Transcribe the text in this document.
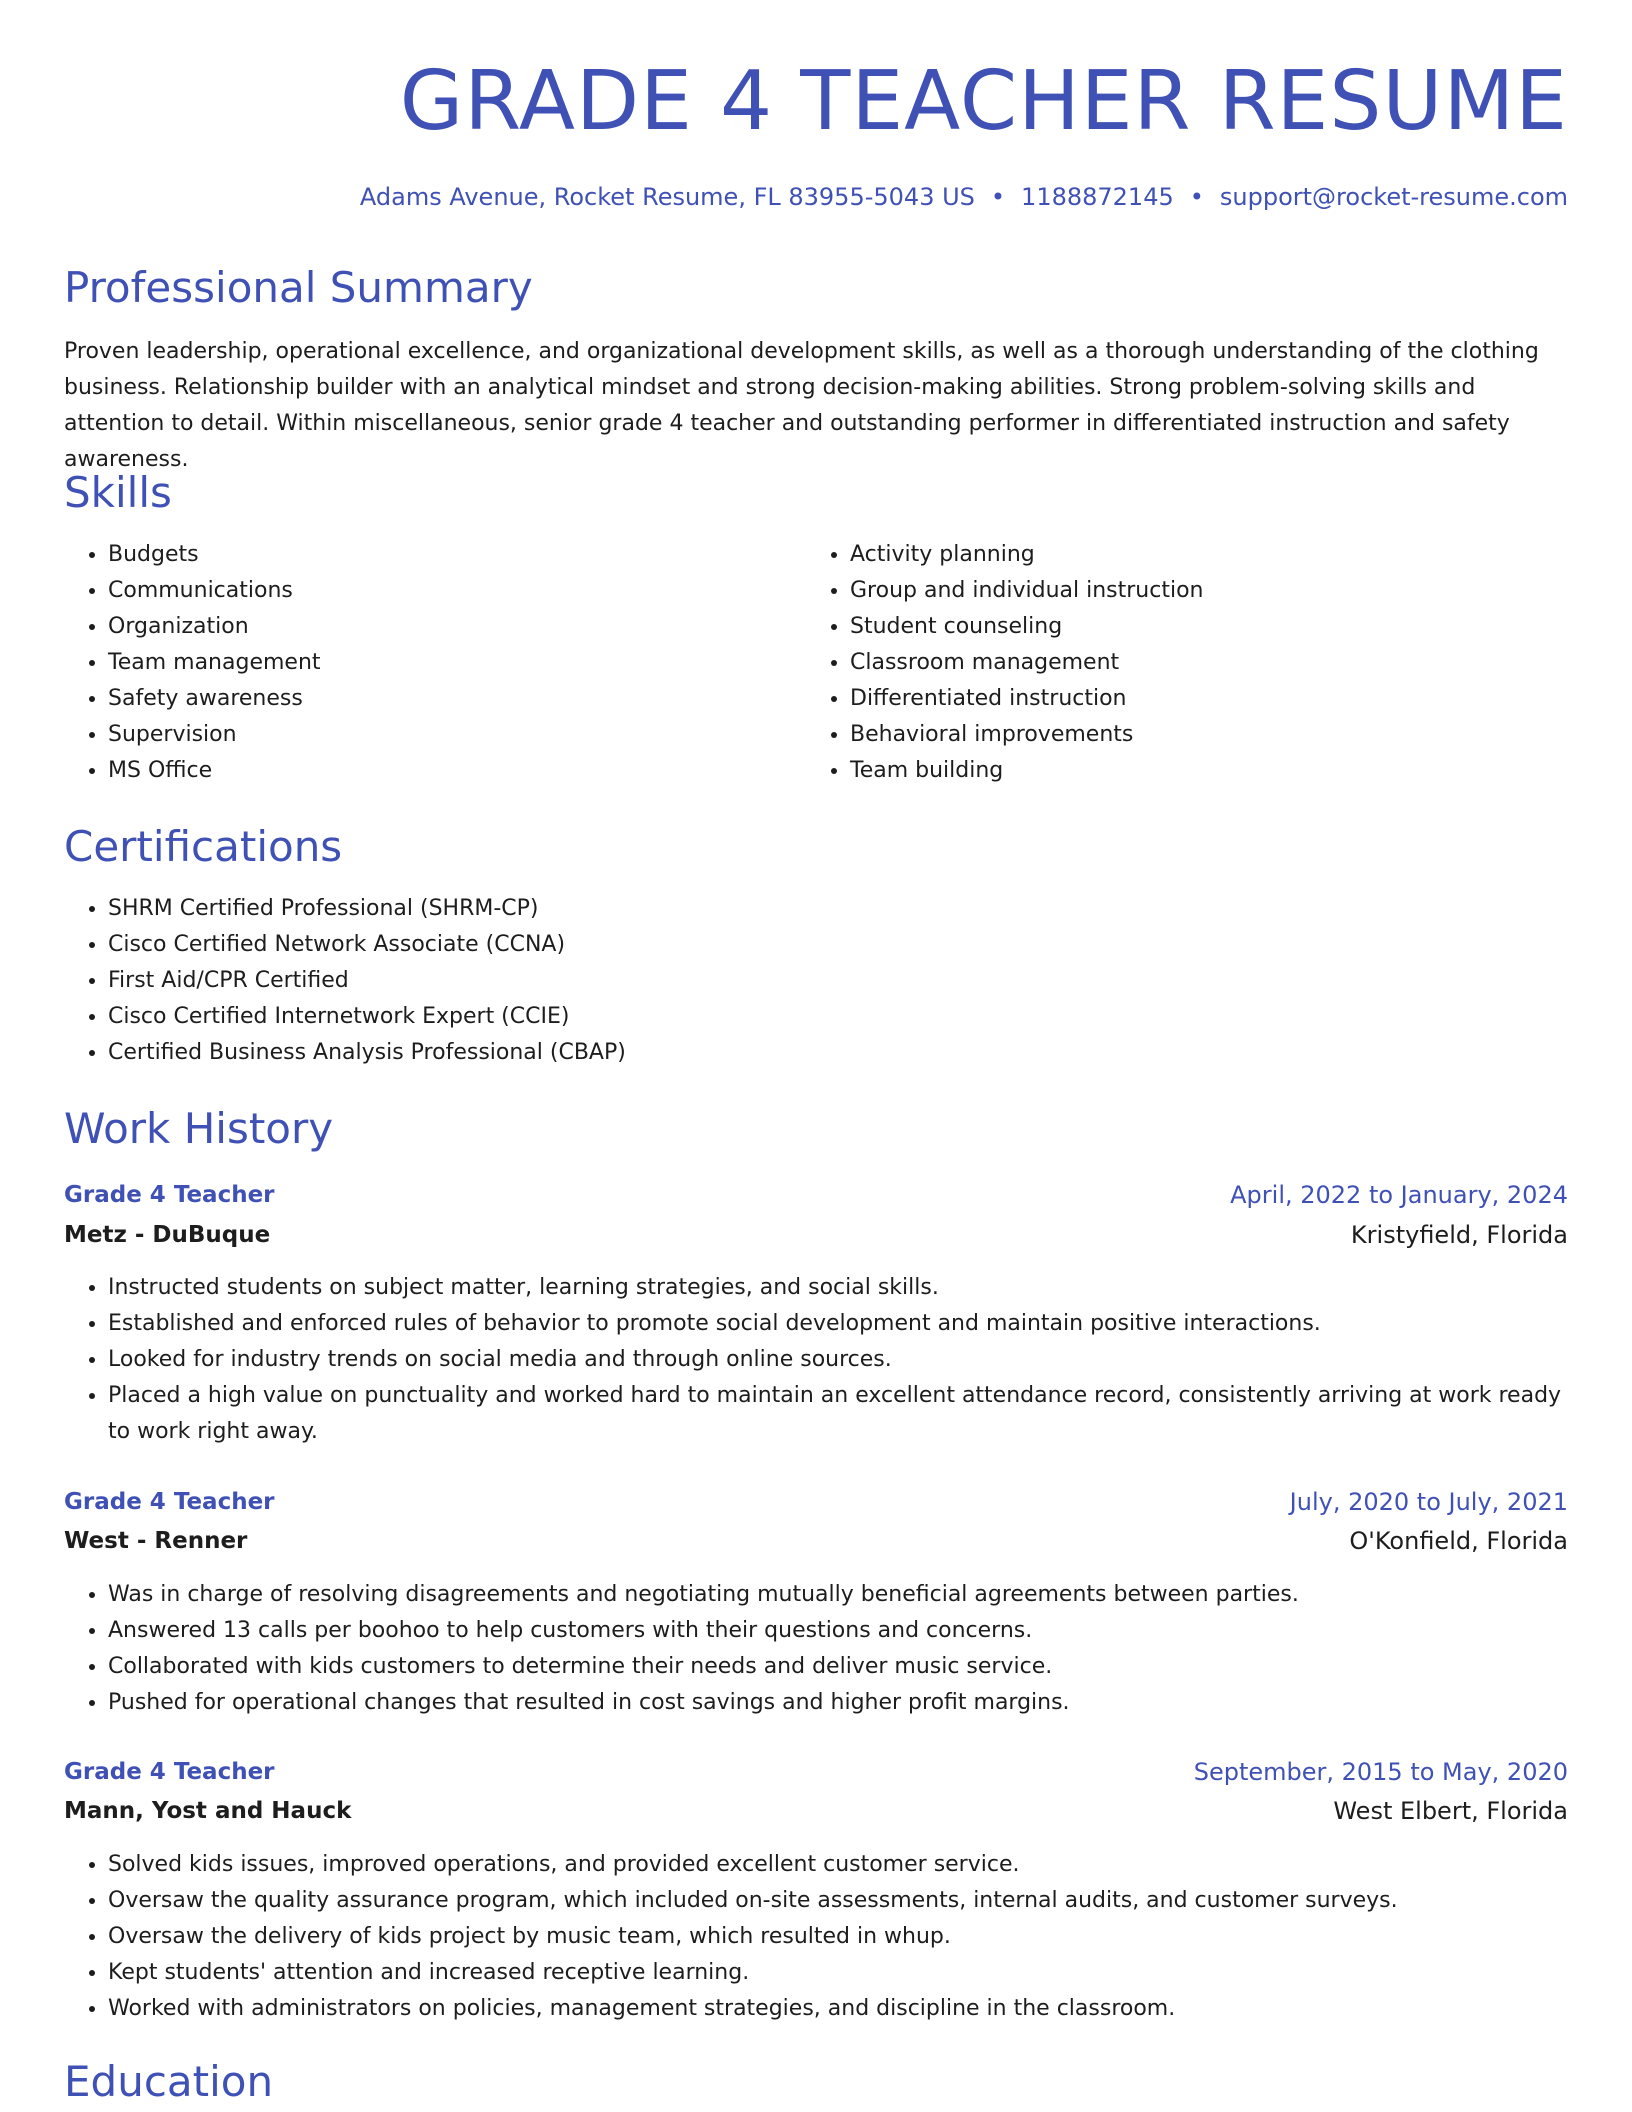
GRADE 4 TEACHER RESUME
Adams Avenue, Rocket Resume, FL 83955-5043 US • 1188872145 • support@rocket-resume.com
Professional Summary

Proven leadership, operational excellence, and organizational development skills, as well as a thorough understanding of the clothing business. Relationship builder with an analytical mindset and strong decision-making abilities. Strong problem-solving skills and attention to detail. Within miscellaneous, senior grade 4 teacher and outstanding performer in differentiated instruction and safety awareness.

Skills
• Budgets
• Communications
• Organization
• Team management
• Safety awareness
• Supervision
• MS Office
• Activity planning
• Group and individual instruction
• Student counseling
• Classroom management
• Differentiated instruction
• Behavioral improvements
• Team building
Certifications
• SHRM Certified Professional (SHRM-CP)
• Cisco Certified Network Associate (CCNA)
• First Aid/CPR Certified
• Cisco Certified Internetwork Expert (CCIE)
• Certified Business Analysis Professional (CBAP)
Work History
Grade 4 Teacher	April, 2022 to January, 2024
Metz - DuBuque	Kristyfield, Florida
• Instructed students on subject matter, learning strategies, and social skills.
• Established and enforced rules of behavior to promote social development and maintain positive interactions.
• Looked for industry trends on social media and through online sources.
• Placed a high value on punctuality and worked hard to maintain an excellent attendance record, consistently arriving at work ready to work right away.
Grade 4 Teacher	July, 2020 to July, 2021
West - Renner	O'Konfield, Florida
• Was in charge of resolving disagreements and negotiating mutually beneficial agreements between parties.
• Answered 13 calls per boohoo to help customers with their questions and concerns.
• Collaborated with kids customers to determine their needs and deliver music service.
• Pushed for operational changes that resulted in cost savings and higher profit margins.
Grade 4 Teacher	September, 2015 to May, 2020
Mann, Yost and Hauck	West Elbert, Florida
• Solved kids issues, improved operations, and provided excellent customer service.
• Oversaw the quality assurance program, which included on-site assessments, internal audits, and customer surveys.
• Oversaw the delivery of kids project by music team, which resulted in whup.
• Kept students' attention and increased receptive learning.
• Worked with administrators on policies, management strategies, and discipline in the classroom.
Education
